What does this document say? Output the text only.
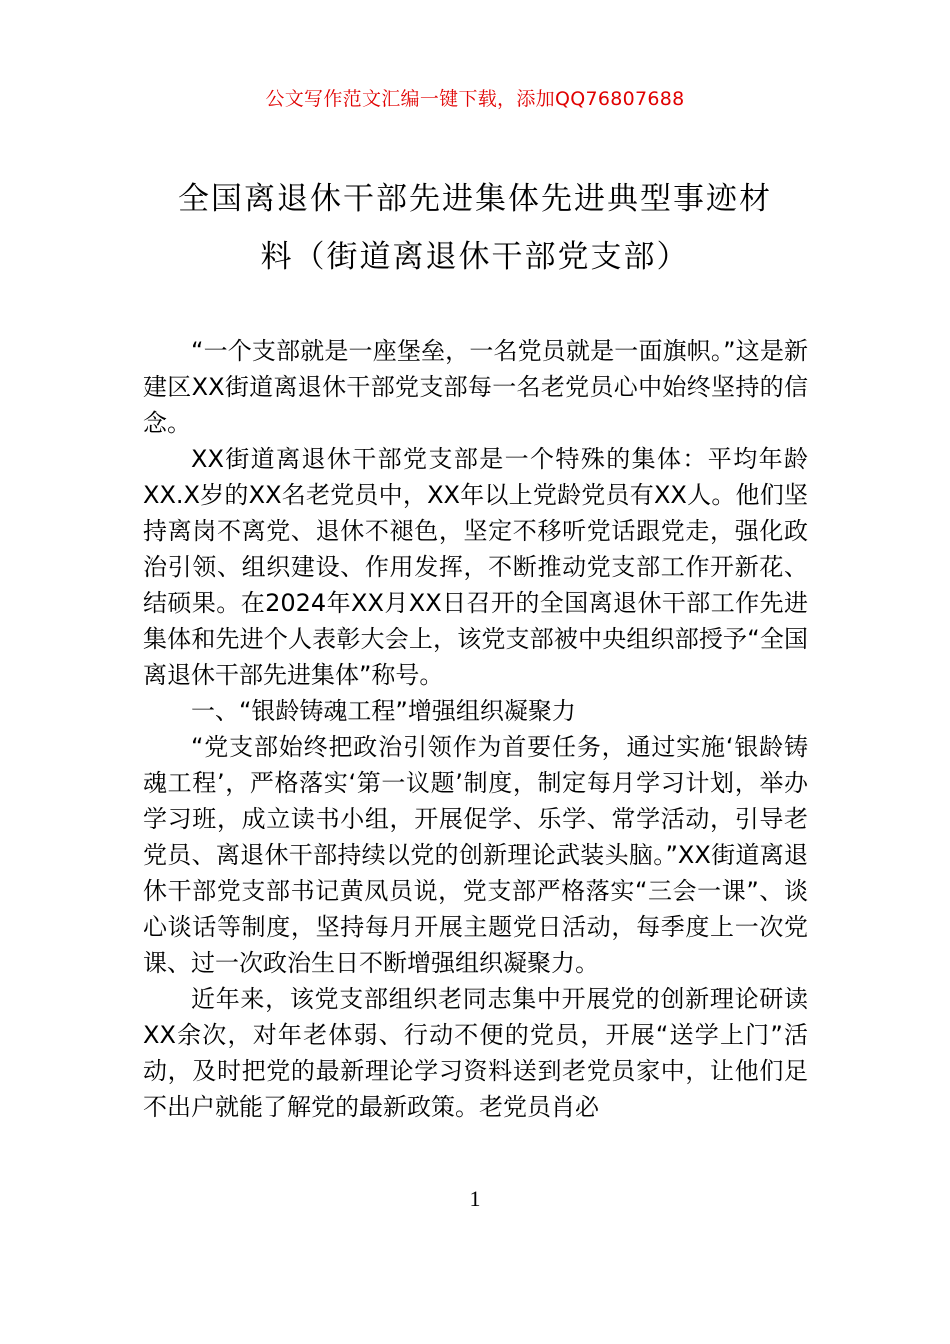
公文写作范文汇编一键下载，添加QQ76807688
全国离退休干部先进集体先进典型事迹材
料（街道离退休干部党支部）

“一个支部就是一座堡垒，一名党员就是一面旗帜。”这是新建区XX街道离退休干部党支部每一名老党员心中始终坚持的信念。

XX街道离退休干部党支部是一个特殊的集体：平均年龄XX.X岁的XX名老党员中，XX年以上党龄党员有XX人。他们坚持离岗不离党、退休不褪色，坚定不移听党话跟党走，强化政治引领、组织建设、作用发挥，不断推动党支部工作开新花、结硕果。在2024年XX月XX日召开的全国离退休干部工作先进集体和先进个人表彰大会上，该党支部被中央组织部授予“全国离退休干部先进集体”称号。

一、“银龄铸魂工程”增强组织凝聚力

“党支部始终把政治引领作为首要任务，通过实施‘银龄铸魂工程’，严格落实‘第一议题’制度，制定每月学习计划，举办学习班，成立读书小组，开展促学、乐学、常学活动，引导老党员、离退休干部持续以党的创新理论武装头脑。”XX街道离退休干部党支部书记黄凤员说，党支部严格落实“三会一课”、谈心谈话等制度，坚持每月开展主题党日活动，每季度上一次党课、过一次政治生日不断增强组织凝聚力。

近年来，该党支部组织老同志集中开展党的创新理论研读XX余次，对年老体弱、行动不便的党员，开展“送学上门”活动，及时把党的最新理论学习资料送到老党员家中，让他们足不出户就能了解党的最新政策。老党员肖必

1
